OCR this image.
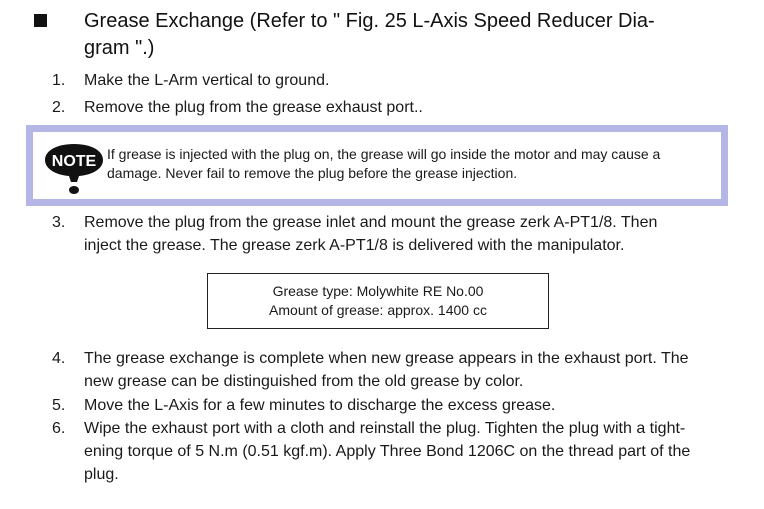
Grease Exchange (Refer to " Fig. 25 L-Axis Speed Reducer Dia-
gram ".)
1.	Make the L-Arm vertical to ground.
2.	Remove the plug from the grease exhaust port..
NOTE If grease is injected with the plug on, the grease will go inside the motor and may cause a
damage. Never fail to remove the plug before the grease injection.
3.	Remove the plug from the grease inlet and mount the grease zerk A-PT1/8. Then
inject the grease. The grease zerk A-PT1/8 is delivered with the manipulator.
Grease type: Molywhite RE No.00
Amount of grease: approx. 1400 cc
4.	The grease exchange is complete when new grease appears in the exhaust port. The
new grease can be distinguished from the old grease by color.
5.	Move the L-Axis for a few minutes to discharge the excess grease.
6.	Wipe the exhaust port with a cloth and reinstall the plug. Tighten the plug with a tight-
ening torque of 5 N.m (0.51 kgf.m). Apply Three Bond 1206C on the thread part of the
plug.
